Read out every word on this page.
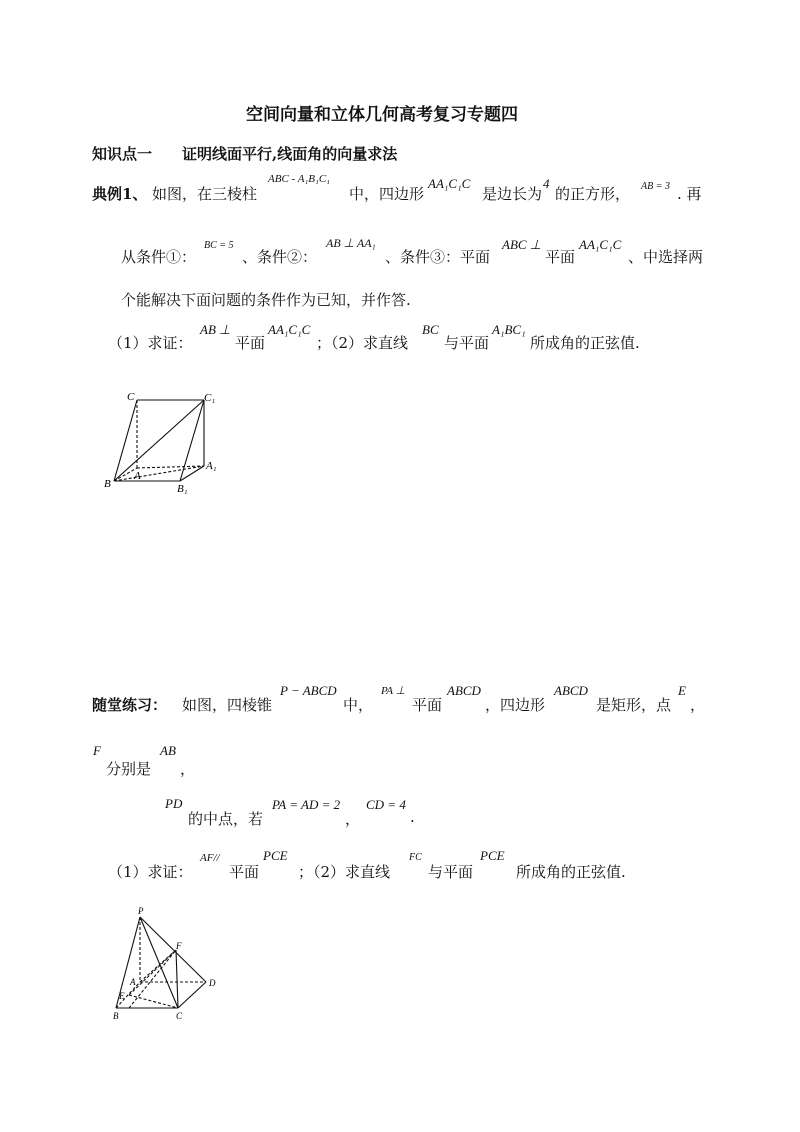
空间向量和立体几何高考复习专题四
知识点一 证明线面平行,线面角的向量求法
典例1、 如图，在三棱柱
ABC - A₁B₁C₁
中，四边形
AA₁C₁C
是边长为
4
的正方形， AB = 3 . 再
从条件①：
BC = 5
、条件②：
AB ⊥ AA₁
、条件③：平面
ABC ⊥
平面
AA₁C₁C
、中选择两
个能解决下面问题的条件作为已知，并作答.
（1）求证：
AB ⊥
平面
AA₁C₁C
；（2）求直线
BC
与平面
A₁BC₁
所成角的正弦值.
C	C₁
A
A₁
B	B₁
随堂练习： 如图，四棱锥
P − ABCD
中，
PA ⊥
平面
ABCD
，四边形
ABCD
是矩形，点
E
，
F
分别是
AB
，
PD
的中点，若
PA = AD = 2
，
CD = 4
.
（1）求证：
AF//
平面
PCE
；（2）求直线
FC
与平面
PCE
所成角的正弦值.
P
F
A
E
D
B	C
